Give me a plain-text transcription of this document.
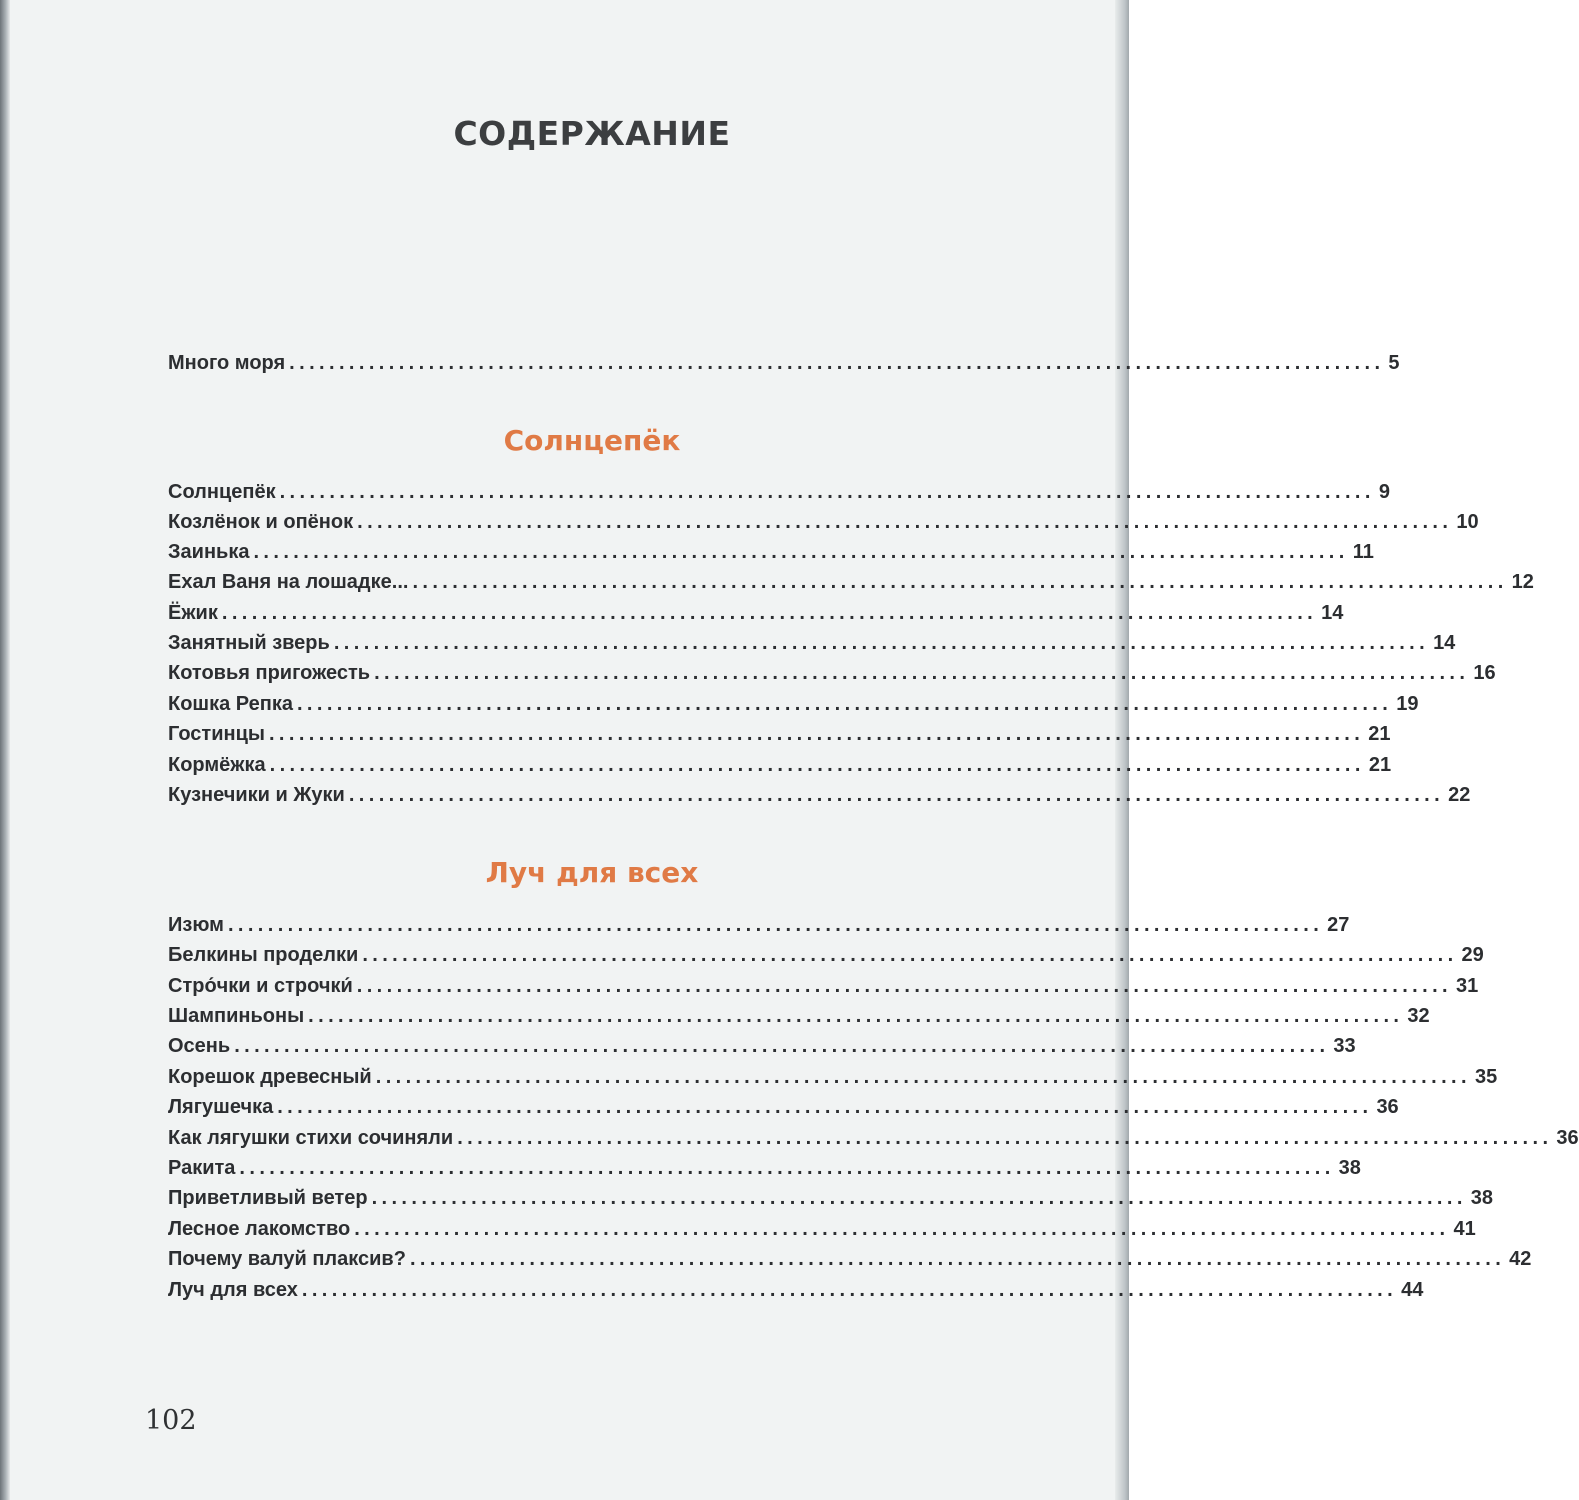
СОДЕРЖАНИЕ
Много моря .............................................................................................................. 5
Солнцепёк
Солнцепёк .............................................................................................................. 9
Козлёнок и опёнок .............................................................................................................. 10
Заинька .............................................................................................................. 11
Ехал Ваня на лошадке... .............................................................................................................. 12
Ёжик .............................................................................................................. 14
Занятный зверь .............................................................................................................. 14
Котовья пригожесть .............................................................................................................. 16
Кошка Репка .............................................................................................................. 19
Гостинцы .............................................................................................................. 21
Кормёжка .............................................................................................................. 21
Кузнечики и Жуки .............................................................................................................. 22
Луч для всех
Изюм .............................................................................................................. 27
Белкины проделки .............................................................................................................. 29
Стро́чки и строчки́ .............................................................................................................. 31
Шампиньоны .............................................................................................................. 32
Осень .............................................................................................................. 33
Корешок древесный .............................................................................................................. 35
Лягушечка .............................................................................................................. 36
Как лягушки стихи сочиняли .............................................................................................................. 36
Ракита .............................................................................................................. 38
Приветливый ветер .............................................................................................................. 38
Лесное лакомство .............................................................................................................. 41
Почему валуй плаксив? .............................................................................................................. 42
Луч для всех .............................................................................................................. 44
102
